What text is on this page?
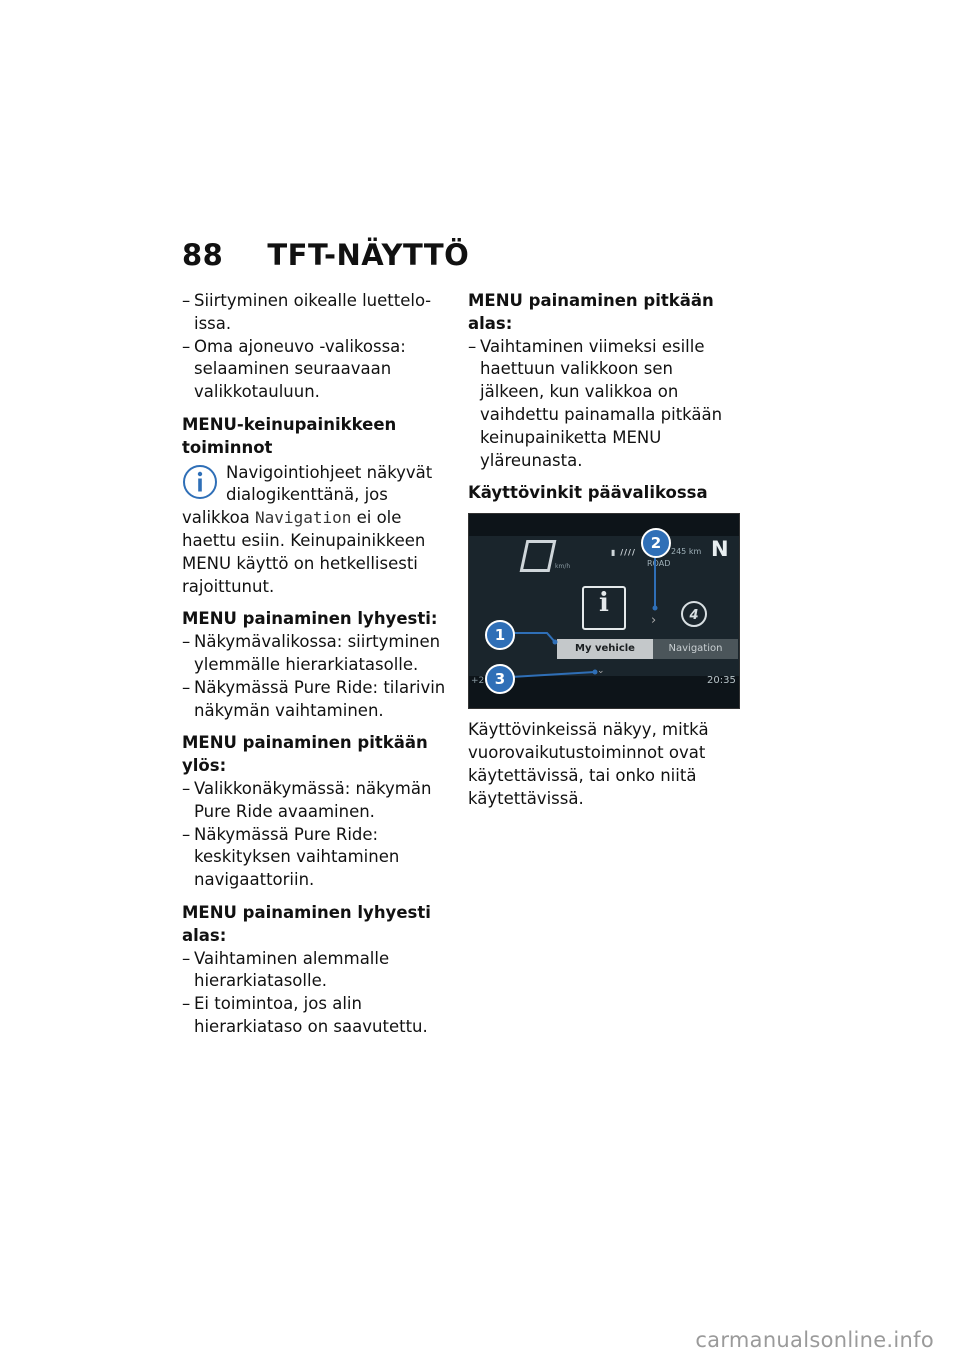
88 TFT-NÄYTTÖ
– Siirtyminen oikealle luetteloissa.
– Oma ajoneuvo -valikossa: selaaminen seuraavaan valikkotauluun.
MENU-keinupainikkeen toiminnot
Navigointiohjeet näkyvät dialogikenttänä, jos valikkoa Navigation ei ole haettu esiin. Keinupainikkeen MENU käyttö on hetkellisesti rajoittunut.
MENU painaminen lyhyesti:
– Näkymävalikossa: siirtyminen ylemmälle hierarkiatasolle.
– Näkymässä Pure Ride: tilarivin näkymän vaihtaminen.
MENU painaminen pitkään ylös:
– Valikkonäkymässä: näkymän Pure Ride avaaminen.
– Näkymässä Pure Ride: keskityksen vaihtaminen navigaattoriin.
MENU painaminen lyhyesti alas:
– Vaihtaminen alemmalle hierarkiatasolle.
– Ei toimintoa, jos alin hierarkiataso on saavutettu.
MENU painaminen pitkään alas:
– Vaihtaminen viimeksi esille haettuun valikkoon sen jälkeen, kun valikkoa on vaihdettu painamalla pitkään keinupainiketta MENU yläreunasta.
Käyttövinkit päävalikossa
km/h
▮ ////	245 km
ROAD
N
i
›	4
My vehicle	Navigation
+2
⌄
20:35
1
2
3
Käyttövinkeissä näkyy, mitkä vuorovaikutustoiminnot ovat käytettävissä, tai onko niitä käytettävissä.
carmanualsonline.info
